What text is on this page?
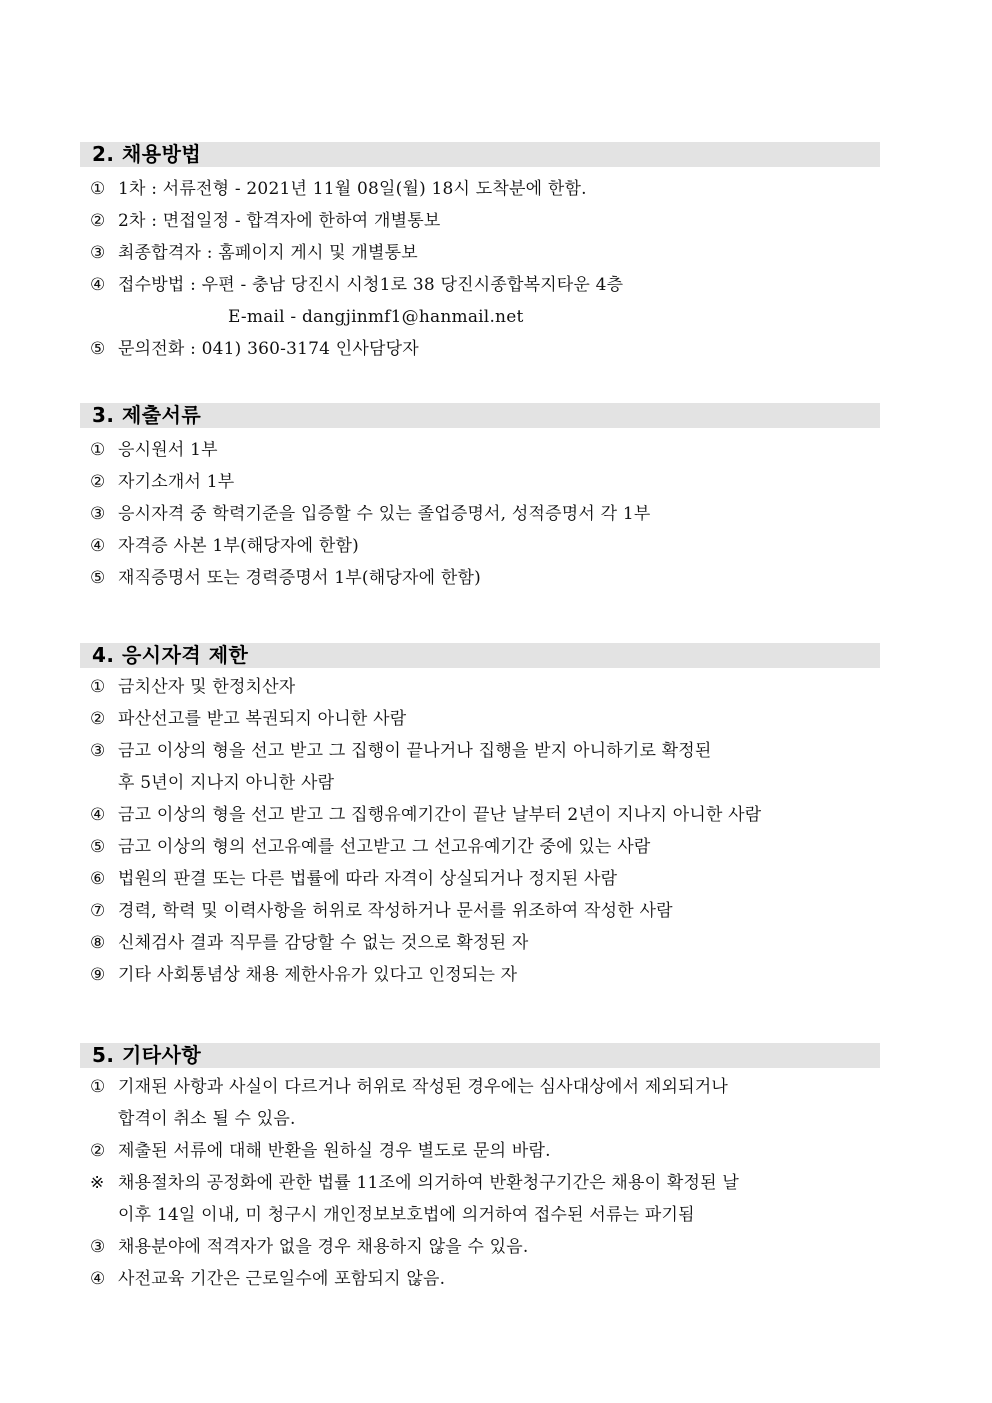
2. 채용방법
① 1차 : 서류전형 - 2021년 11월 08일(월) 18시 도착분에 한함.
② 2차 : 면접일정 - 합격자에 한하여 개별통보
③ 최종합격자 : 홈페이지 게시 및 개별통보
④ 접수방법 : 우편 - 충남 당진시 시청1로 38 당진시종합복지타운 4층
E-mail - dangjinmf1@hanmail.net
⑤ 문의전화 : 041) 360-3174 인사담당자
3. 제출서류
① 응시원서 1부
② 자기소개서 1부
③ 응시자격 중 학력기준을 입증할 수 있는 졸업증명서, 성적증명서 각 1부
④ 자격증 사본 1부(해당자에 한함)
⑤ 재직증명서 또는 경력증명서 1부(해당자에 한함)
4. 응시자격 제한
① 금치산자 및 한정치산자
② 파산선고를 받고 복권되지 아니한 사람
③ 금고 이상의 형을 선고 받고 그 집행이 끝나거나 집행을 받지 아니하기로 확정된
후 5년이 지나지 아니한 사람
④ 금고 이상의 형을 선고 받고 그 집행유예기간이 끝난 날부터 2년이 지나지 아니한 사람
⑤ 금고 이상의 형의 선고유예를 선고받고 그 선고유예기간 중에 있는 사람
⑥ 법원의 판결 또는 다른 법률에 따라 자격이 상실되거나 정지된 사람
⑦ 경력, 학력 및 이력사항을 허위로 작성하거나 문서를 위조하여 작성한 사람
⑧ 신체검사 결과 직무를 감당할 수 없는 것으로 확정된 자
⑨ 기타 사회통념상 채용 제한사유가 있다고 인정되는 자
5. 기타사항
① 기재된 사항과 사실이 다르거나 허위로 작성된 경우에는 심사대상에서 제외되거나
합격이 취소 될 수 있음.
② 제출된 서류에 대해 반환을 원하실 경우 별도로 문의 바람.
※ 채용절차의 공정화에 관한 법률 11조에 의거하여 반환청구기간은 채용이 확정된 날
이후 14일 이내, 미 청구시 개인정보보호법에 의거하여 접수된 서류는 파기됨
③ 채용분야에 적격자가 없을 경우 채용하지 않을 수 있음.
④ 사전교육 기간은 근로일수에 포함되지 않음.
